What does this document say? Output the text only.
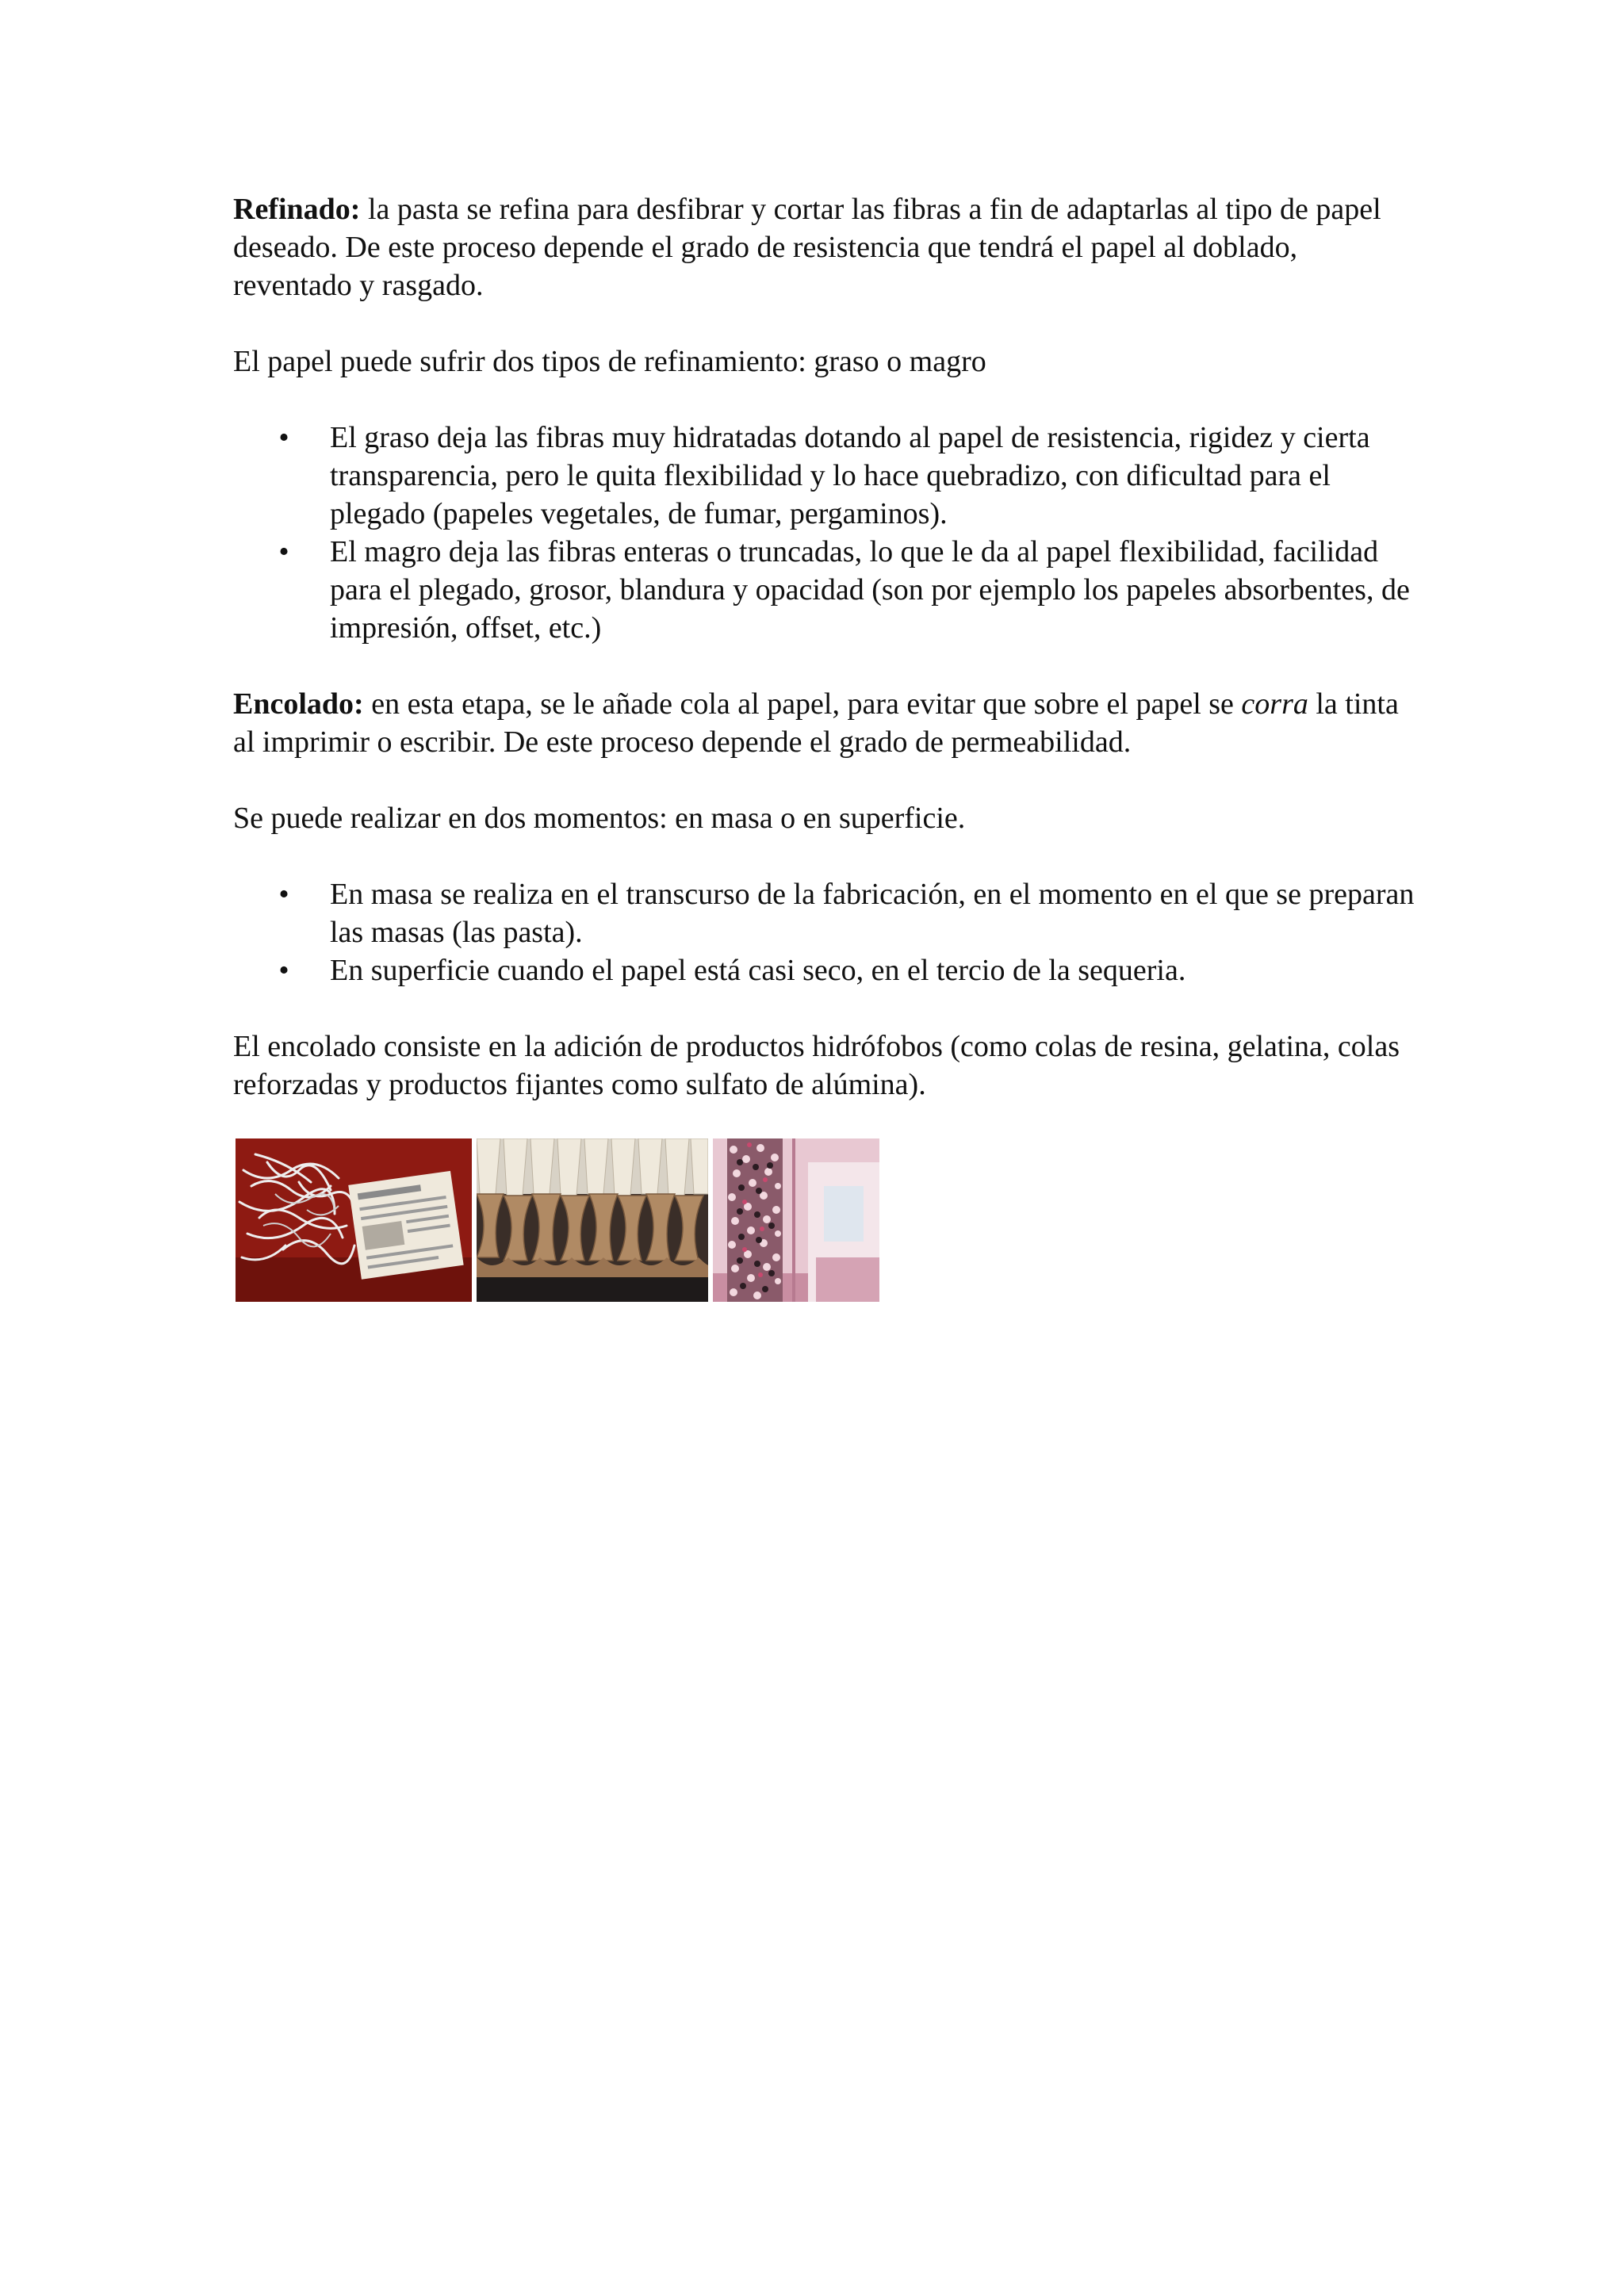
Refinado: la pasta se refina para desfibrar y cortar las fibras a fin de adaptarlas al tipo de papel deseado. De este proceso depende el grado de resistencia que tendrá el papel al doblado, reventado y rasgado.

El papel puede sufrir dos tipos de refinamiento: graso o magro

•	El graso deja las fibras muy hidratadas dotando al papel de resistencia, rigidez y cierta transparencia, pero le quita flexibilidad y lo hace quebradizo, con dificultad para el plegado (papeles vegetales, de fumar, pergaminos).
•	El magro deja las fibras enteras o truncadas, lo que le da al papel flexibilidad, facilidad para el plegado, grosor, blandura y opacidad (son por ejemplo los papeles absorbentes, de impresión, offset, etc.)

Encolado: en esta etapa, se le añade cola al papel, para evitar que sobre el papel se corra la tinta al imprimir o escribir. De este proceso depende el grado de permeabilidad.

Se puede realizar en dos momentos: en masa o en superficie.

•	En masa se realiza en el transcurso de la fabricación, en el momento en el que se preparan las masas (las pasta).
•	En superficie cuando el papel está casi seco, en el tercio de la sequeria.

El encolado consiste en la adición de productos hidrófobos (como colas de resina, gelatina, colas reforzadas y productos fijantes como sulfato de alúmina).
